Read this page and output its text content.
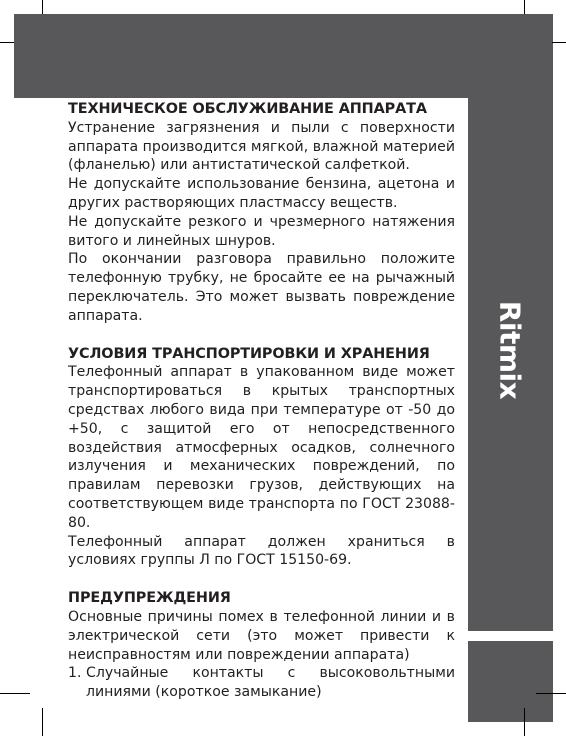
Ritmix
ТЕХНИЧЕСКОЕ ОБСЛУЖИВАНИЕ АППАРАТА

Устранение загрязнения и пыли с поверхности аппарата производится мягкой, влажной материей (фланелью) или антистатической салфеткой.

Не допускайте использование бензина, ацетона и других растворяющих пластмассу веществ.

Не допускайте резкого и чрезмерного натяжения витого и линейных шнуров.

По окончании разговора правильно положите телефонную трубку, не бросайте ее на рычажный переключатель. Это может вызвать повреждение аппарата.

УСЛОВИЯ ТРАНСПОРТИРОВКИ И ХРАНЕНИЯ

Телефонный аппарат в упакованном виде может транспортироваться в крытых транспортных средствах любого вида при температуре от -50 до +50, с защитой его от непосредственного воздействия атмосферных осадков, солнечного излучения и механических повреждений, по правилам перевозки грузов, действующих на соответствующем виде транспорта по ГОСТ 23088-80.

Телефонный аппарат должен храниться в условиях группы Л по ГОСТ 15150-69.

ПРЕДУПРЕЖДЕНИЯ

Основные причины помех в телефонной линии и в электрической сети (это может привести к неисправностям или повреждении аппарата)

1. Случайные контакты с высоковольтными линиями (короткое замыкание)
